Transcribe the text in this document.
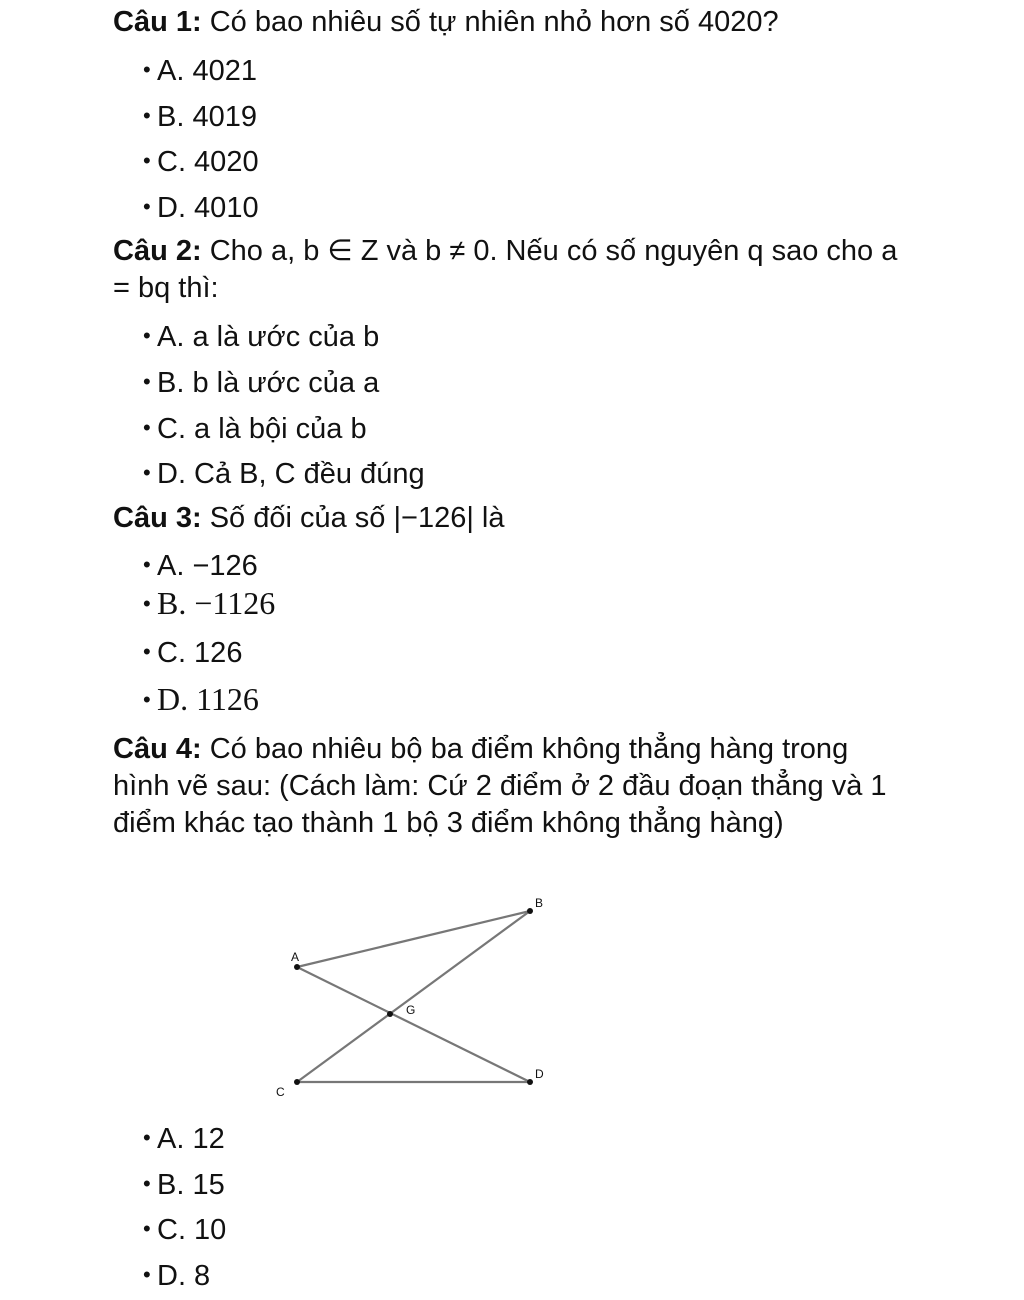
Câu 1: Có bao nhiêu số tự nhiên nhỏ hơn số 4020?
• A. 4021
• B. 4019
• C. 4020
• D. 4010
Câu 2: Cho a, b ∈ Z và b ≠ 0. Nếu có số nguyên q sao cho a = bq thì:
• A. a là ước của b
• B. b là ước của a
• C. a là bội của b
• D. Cả B, C đều đúng
Câu 3: Số đối của số |−126| là
• A. −126
• B. −1126
• C. 126
• D. 1126
Câu 4: Có bao nhiêu bộ ba điểm không thẳng hàng trong hình vẽ sau: (Cách làm: Cứ 2 điểm ở 2 đầu đoạn thẳng và 1 điểm khác tạo thành 1 bộ 3 điểm không thẳng hàng)
A
B
C
D
G
• A. 12
• B. 15
• C. 10
• D. 8
